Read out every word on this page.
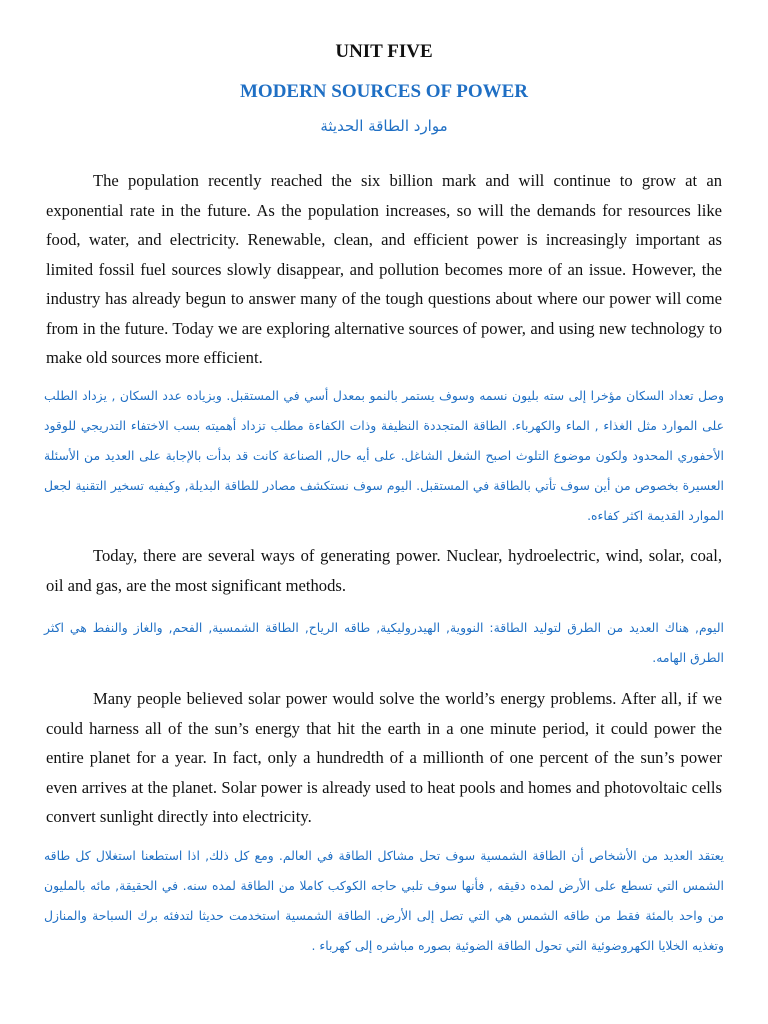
UNIT FIVE
MODERN SOURCES OF POWER
موارد الطاقة الحديثة

The population recently reached the six billion mark and will continue to grow at an exponential rate in the future. As the population increases, so will the demands for resources like food, water, and electricity. Renewable, clean, and efficient power is increasingly important as limited fossil fuel sources slowly disappear, and pollution becomes more of an issue. However, the industry has already begun to answer many of the tough questions about where our power will come from in the future. Today we are exploring alternative sources of power, and using new technology to make old sources more efficient.

وصل تعداد السكان مؤخرا إلى سته بليون نسمه وسوف يستمر بالنمو بمعدل أسي في المستقبل. وبزياده عدد السكان , يزداد الطلب على الموارد مثل الغذاء , الماء والكهرباء. الطاقة المتجددة النظيفة وذات الكفاءة مطلب تزداد أهميته بسب الاختفاء التدريجي للوقود الأحفوري المحدود ولكون موضوع التلوث اصبح الشغل الشاغل. على أيه حال, الصناعة كانت قد بدأت بالإجابة على العديد من الأسئلة العسيرة بخصوص من أين سوف تأتي بالطاقة في المستقبل. اليوم سوف نستكشف مصادر للطاقة البديلة, وكيفيه تسخير التقنية لجعل الموارد القديمة اكثر كفاءه.

Today, there are several ways of generating power. Nuclear, hydroelectric, wind, solar, coal, oil and gas, are the most significant methods.

اليوم, هناك العديد من الطرق لتوليد الطاقة: النووية, الهيدروليكية, طاقه الرياح, الطاقة الشمسية, الفحم, والغاز والنفط هي اكثر الطرق الهامه.

Many people believed solar power would solve the world’s energy problems. After all, if we could harness all of the sun’s energy that hit the earth in a one minute period, it could power the entire planet for a year. In fact, only a hundredth of a millionth of one percent of the sun’s power even arrives at the planet. Solar power is already used to heat pools and homes and photovoltaic cells convert sunlight directly into electricity.

يعتقد العديد من الأشخاص أن الطاقة الشمسية سوف تحل مشاكل الطاقة في العالم. ومع كل ذلك, اذا استطعنا استغلال كل طاقه الشمس التي تسطع على الأرض لمده دقيقه , فأنها سوف تلبي حاجه الكوكب كاملا من الطاقة لمده سنه. في الحقيقة, مائه بالمليون من واحد بالمئة فقط من طاقه الشمس هي التي تصل إلى الأرض. الطاقة الشمسية استخدمت حديثا لتدفئه برك السباحة والمنازل وتغذيه الخلايا الكهروضوئية التي تحول الطاقة الضوئية بصوره مباشره إلى كهرباء .
